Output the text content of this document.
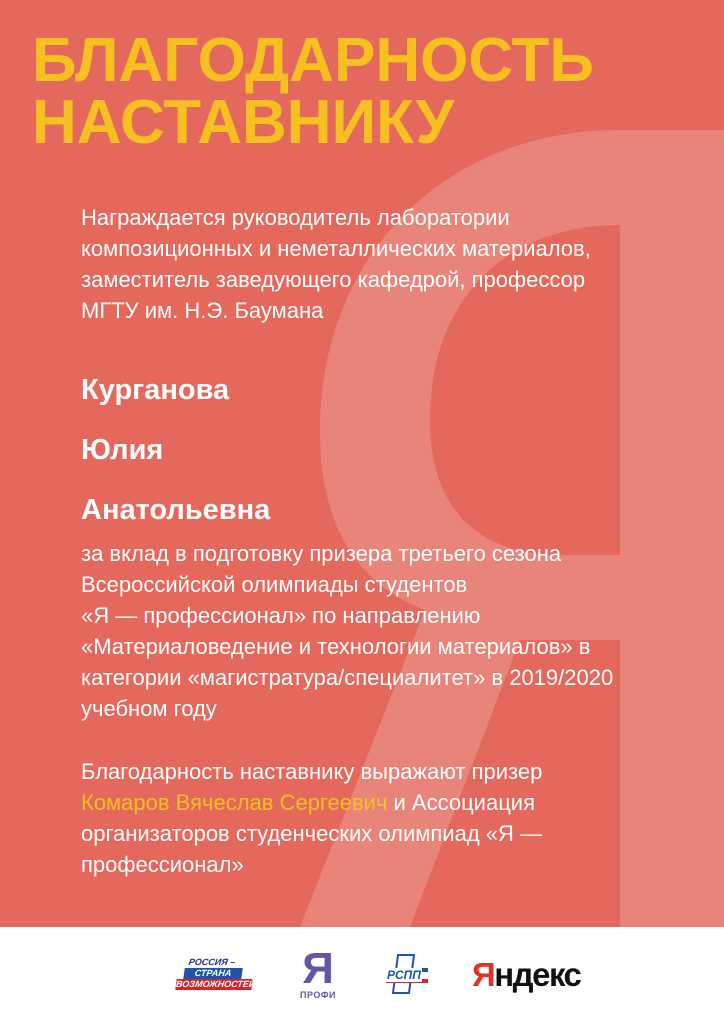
БЛАГОДАРНОСТЬ
НАСТАВНИКУ

Награждается руководитель лаборатории
композиционных и неметаллических материалов,
заместитель заведующего кафедрой, профессор
МГТУ им. Н.Э. Баумана

Курганова
Юлия
Анатольевна

за вклад в подготовку призера третьего сезона
Всероссийской олимпиады студентов
«Я — профессионал» по направлению
«Материаловедение и технологии материалов» в
категории «магистратура/специалитет» в 2019/2020
учебном году

Благодарность наставнику выражают призер
Комаров Вячеслав Сергеевич и Ассоциация
организаторов студенческих олимпиад «Я —
профессионал»

РОССИЯ –
СТРАНА
ВОЗМОЖНОСТЕЙ Я
ПРОФИ
РСПП Яндекс
